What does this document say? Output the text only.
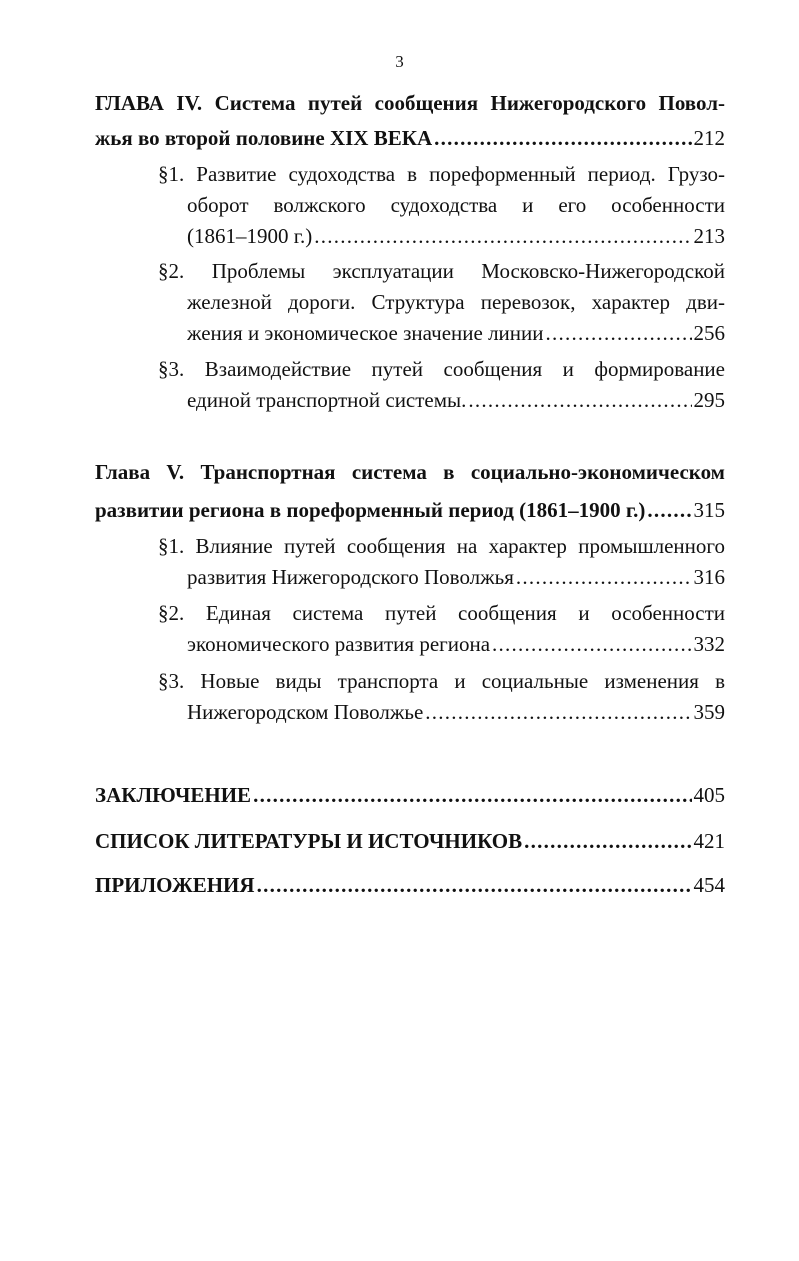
3
ГЛАВА IV. Система путей сообщения Нижегородского Повол-
жья во второй половине XIX ВЕКА . . .	212
§1. Развитие судоходства в пореформенный период. Грузо-
оборот волжского судоходства и его особенности
(1861–1900 г.) . . .	213
§2. Проблемы эксплуатации Московско-Нижегородской
железной дороги. Структура перевозок, характер дви-
жения и экономическое значение линии . . .	256
§3. Взаимодействие путей сообщения и формирование
единой транспортной системы. . . .	295
Глава V. Транспортная система в социально-экономическом
развитии региона в пореформенный период (1861–1900 г.) . . . 315
§1. Влияние путей сообщения на характер промышленного
развития Нижегородского Поволжья . . .	316
§2. Единая система путей сообщения и особенности
экономического развития региона . . .	332
§3. Новые виды транспорта и социальные изменения в
Нижегородском Поволжье . . .	359
ЗАКЛЮЧЕНИЕ . . .	405
СПИСОК ЛИТЕРАТУРЫ И ИСТОЧНИКОВ . . .	421
ПРИЛОЖЕНИЯ . . .	454
